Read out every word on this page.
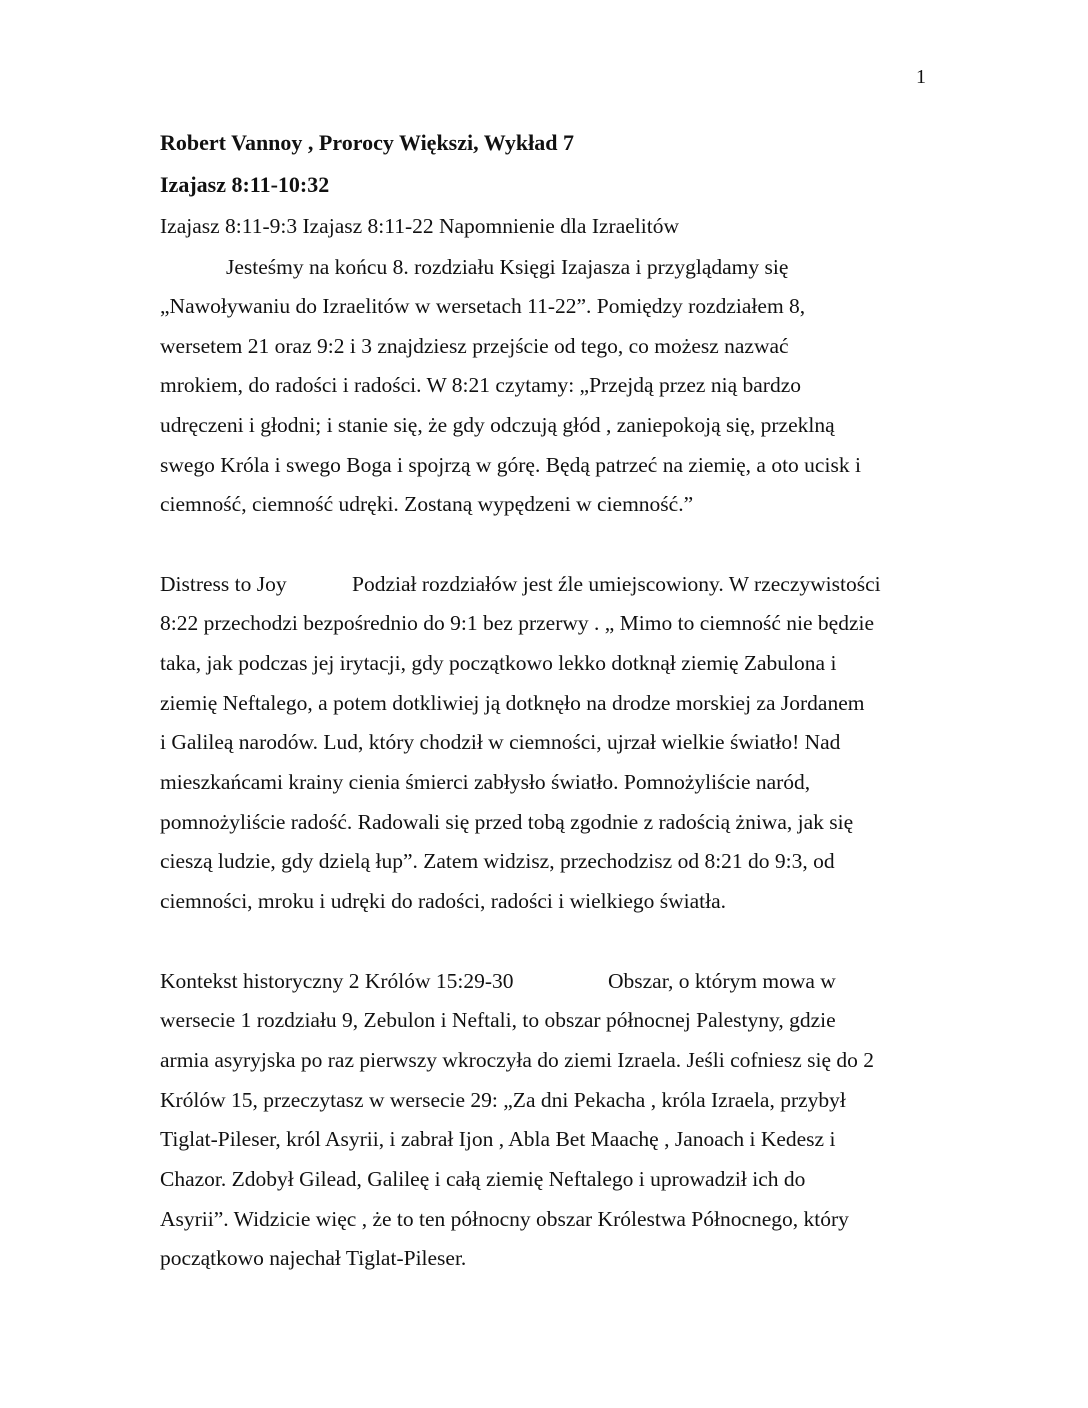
1
Robert Vannoy , Prorocy Większi, Wykład 7
Izajasz 8:11-10:32
Izajasz 8:11-9:3 Izajasz 8:11-22 Napomnienie dla Izraelitów
Jesteśmy na końcu 8. rozdziału Księgi Izajasza i przyglądamy się
„Nawoływaniu do Izraelitów w wersetach 11-22”. Pomiędzy rozdziałem 8,
wersetem 21 oraz 9:2 i 3 znajdziesz przejście od tego, co możesz nazwać
mrokiem, do radości i radości. W 8:21 czytamy: „Przejdą przez nią bardzo
udręczeni i głodni; i stanie się, że gdy odczują głód , zaniepokoją się, przeklną
swego Króla i swego Boga i spojrzą w górę. Będą patrzeć na ziemię, a oto ucisk i
ciemność, ciemność udręki. Zostaną wypędzeni w ciemność.”
Distress to Joy	Podział rozdziałów jest źle umiejscowiony. W rzeczywistości
8:22 przechodzi bezpośrednio do 9:1 bez przerwy . „ Mimo to ciemność nie będzie
taka, jak podczas jej irytacji, gdy początkowo lekko dotknął ziemię Zabulona i
ziemię Neftalego, a potem dotkliwiej ją dotknęło na drodze morskiej za Jordanem
i Galileą narodów. Lud, który chodził w ciemności, ujrzał wielkie światło! Nad
mieszkańcami krainy cienia śmierci zabłysło światło. Pomnożyliście naród,
pomnożyliście radość. Radowali się przed tobą zgodnie z radością żniwa, jak się
cieszą ludzie, gdy dzielą łup”. Zatem widzisz, przechodzisz od 8:21 do 9:3, od
ciemności, mroku i udręki do radości, radości i wielkiego światła.
Kontekst historyczny 2 Królów 15:29-30	Obszar, o którym mowa w
wersecie 1 rozdziału 9, Zebulon i Neftali, to obszar północnej Palestyny, gdzie
armia asyryjska po raz pierwszy wkroczyła do ziemi Izraela. Jeśli cofniesz się do 2
Królów 15, przeczytasz w wersecie 29: „Za dni Pekacha , króla Izraela, przybył
Tiglat-Pileser, król Asyrii, i zabrał Ijon , Abla Bet Maachę , Janoach i Kedesz i
Chazor. Zdobył Gilead, Galileę i całą ziemię Neftalego i uprowadził ich do
Asyrii”. Widzicie więc , że to ten północny obszar Królestwa Północnego, który
początkowo najechał Tiglat-Pileser.
